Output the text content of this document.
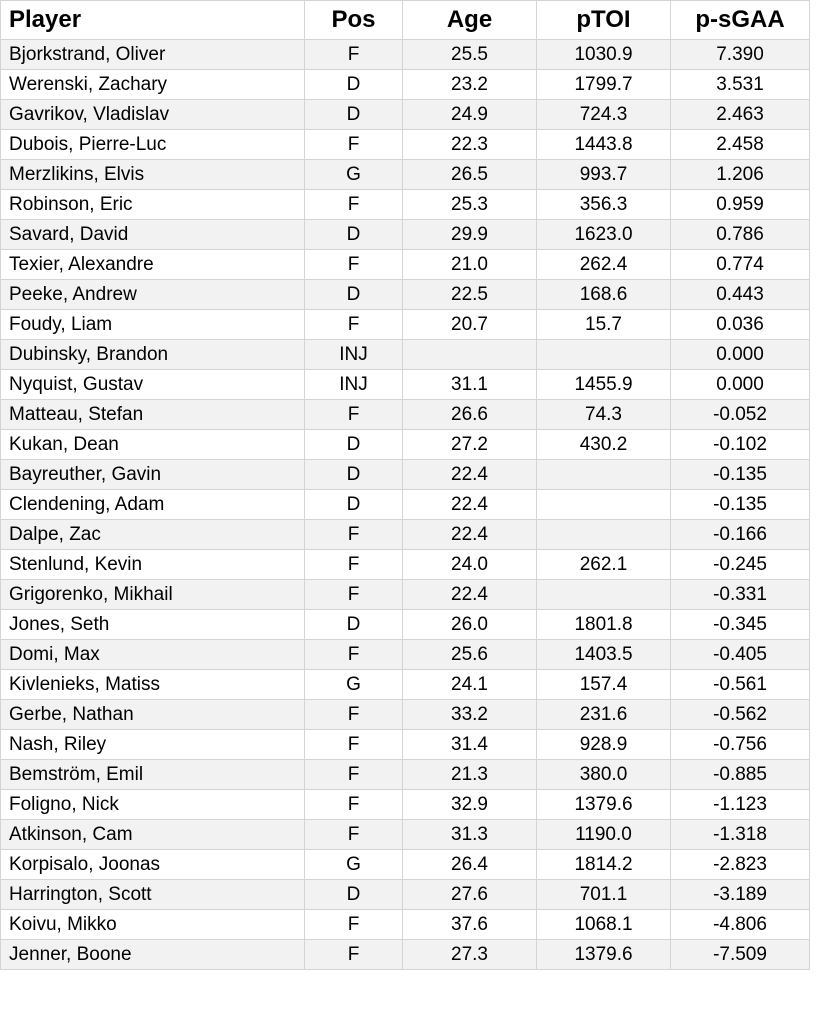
Player	Pos	Age	pTOI	p-sGAA
Bjorkstrand, Oliver	F	25.5	1030.9	7.390
Werenski, Zachary	D	23.2	1799.7	3.531
Gavrikov, Vladislav	D	24.9	724.3	2.463
Dubois, Pierre-Luc	F	22.3	1443.8	2.458
Merzlikins, Elvis	G	26.5	993.7	1.206
Robinson, Eric	F	25.3	356.3	0.959
Savard, David	D	29.9	1623.0	0.786
Texier, Alexandre	F	21.0	262.4	0.774
Peeke, Andrew	D	22.5	168.6	0.443
Foudy, Liam	F	20.7	15.7	0.036
Dubinsky, Brandon	INJ			0.000
Nyquist, Gustav	INJ	31.1	1455.9	0.000
Matteau, Stefan	F	26.6	74.3	-0.052
Kukan, Dean	D	27.2	430.2	-0.102
Bayreuther, Gavin	D	22.4		-0.135
Clendening, Adam	D	22.4		-0.135
Dalpe, Zac	F	22.4		-0.166
Stenlund, Kevin	F	24.0	262.1	-0.245
Grigorenko, Mikhail	F	22.4		-0.331
Jones, Seth	D	26.0	1801.8	-0.345
Domi, Max	F	25.6	1403.5	-0.405
Kivlenieks, Matiss	G	24.1	157.4	-0.561
Gerbe, Nathan	F	33.2	231.6	-0.562
Nash, Riley	F	31.4	928.9	-0.756
Bemström, Emil	F	21.3	380.0	-0.885
Foligno, Nick	F	32.9	1379.6	-1.123
Atkinson, Cam	F	31.3	1190.0	-1.318
Korpisalo, Joonas	G	26.4	1814.2	-2.823
Harrington, Scott	D	27.6	701.1	-3.189
Koivu, Mikko	F	37.6	1068.1	-4.806
Jenner, Boone	F	27.3	1379.6	-7.509
